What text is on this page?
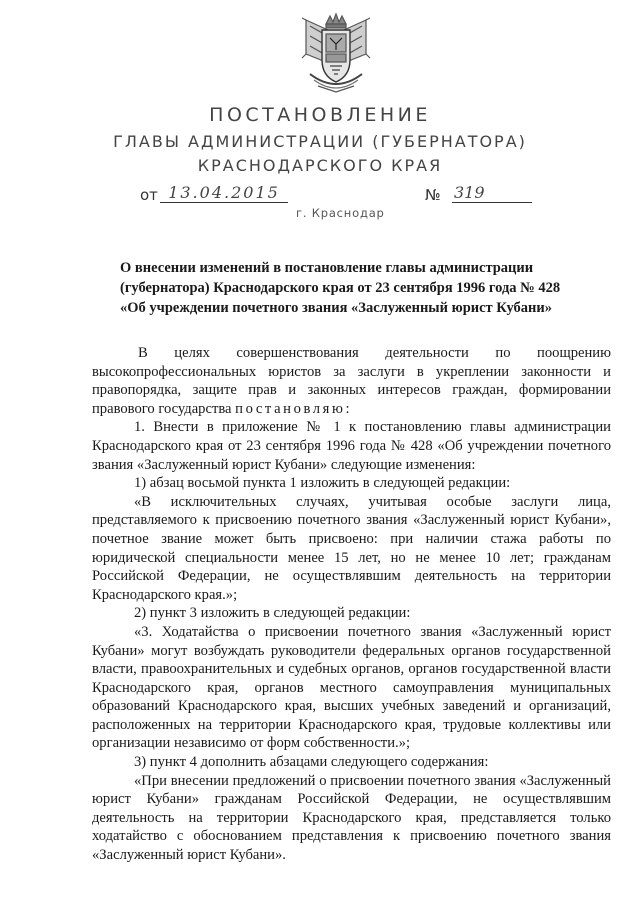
ПОСТАНОВЛЕНИЕ
ГЛАВЫ АДМИНИСТРАЦИИ (ГУБЕРНАТОРА)
КРАСНОДАРСКОГО КРАЯ
от 13.04.2015	№ 319
г. Краснодар
О внесении изменений в постановление главы администрации
(губернатора) Краснодарского края от 23 сентября 1996 года № 428
«Об учреждении почетного звания «Заслуженный юрист Кубани»

В целях совершенствования деятельности по поощрению высокопрофессиональных юристов за заслуги в укреплении законности и правопорядка, защите прав и законных интересов граждан, формировании правового государства постановляю:

1. Внести в приложение № 1 к постановлению главы администрации Краснодарского края от 23 сентября 1996 года № 428 «Об учреждении почетного звания «Заслуженный юрист Кубани» следующие изменения:

1) абзац восьмой пункта 1 изложить в следующей редакции:

«В исключительных случаях, учитывая особые заслуги лица, представляемого к присвоению почетного звания «Заслуженный юрист Кубани», почетное звание может быть присвоено: при наличии стажа работы по юридической специальности менее 15 лет, но не менее 10 лет; гражданам Российской Федерации, не осуществлявшим деятельность на территории Краснодарского края.»;

2) пункт 3 изложить в следующей редакции:

«3. Ходатайства о присвоении почетного звания «Заслуженный юрист Кубани» могут возбуждать руководители федеральных органов государственной власти, правоохранительных и судебных органов, органов государственной власти Краснодарского края, органов местного самоуправления муниципальных образований Краснодарского края, высших учебных заведений и организаций, расположенных на территории Краснодарского края, трудовые коллективы или организации независимо от форм собственности.»;

3) пункт 4 дополнить абзацами следующего содержания:

«При внесении предложений о присвоении почетного звания «Заслуженный юрист Кубани» гражданам Российской Федерации, не осуществлявшим деятельность на территории Краснодарского края, представляется только ходатайство с обоснованием представления к присвоению почетного звания «Заслуженный юрист Кубани».
